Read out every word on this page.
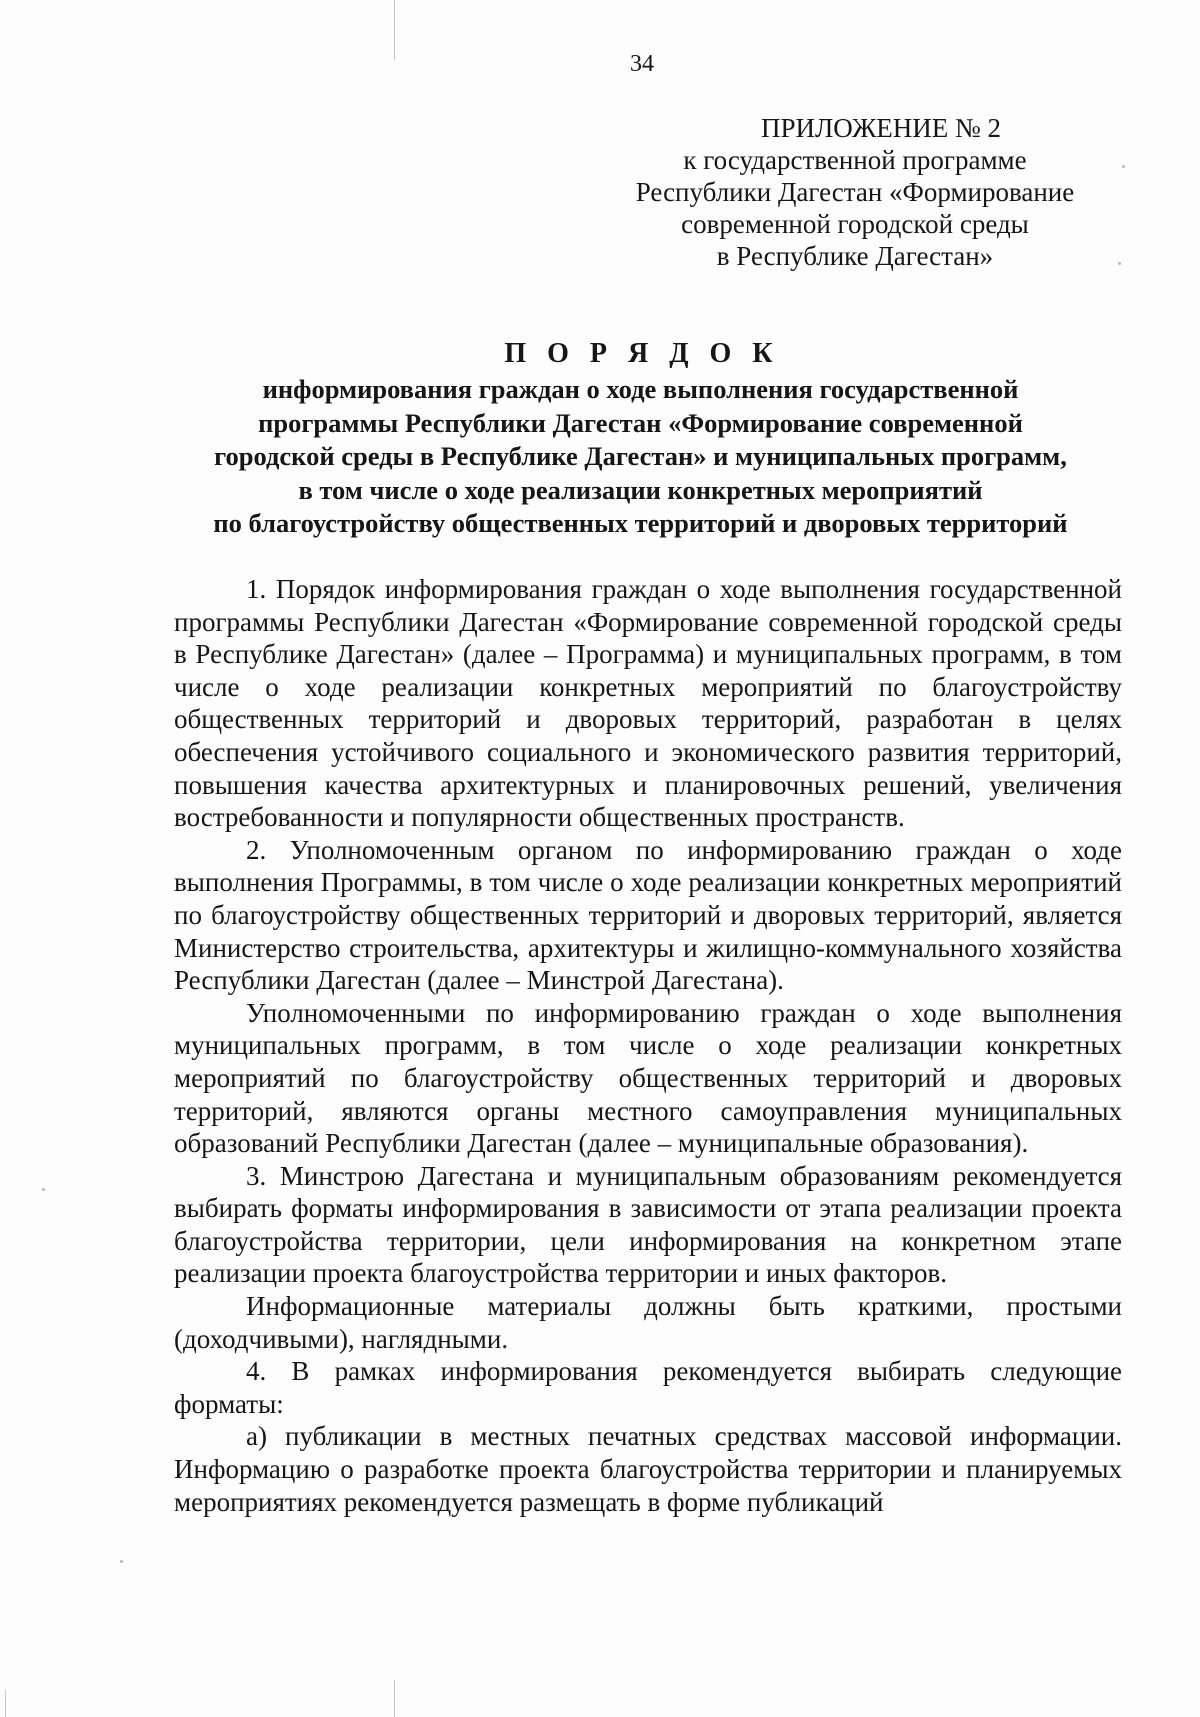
34
ПРИЛОЖЕНИЕ № 2
к государственной программе
Республики Дагестан «Формирование
современной городской среды
в Республике Дагестан»
П О Р Я Д О К
информирования граждан о ходе выполнения государственной
программы Республики Дагестан «Формирование современной
городской среды в Республике Дагестан» и муниципальных программ,
в том числе о ходе реализации конкретных мероприятий
по благоустройству общественных территорий и дворовых территорий

1. Порядок информирования граждан о ходе выполнения государственной программы Республики Дагестан «Формирование современной городской среды в Республике Дагестан» (далее – Программа) и муниципальных программ, в том числе о ходе реализации конкретных мероприятий по благоустройству общественных территорий и дворовых территорий, разработан в целях обеспечения устойчивого социального и экономического развития территорий, повышения качества архитектурных и планировочных решений, увеличения востребованности и популярности общественных пространств.

2. Уполномоченным органом по информированию граждан о ходе выполнения Программы, в том числе о ходе реализации конкретных мероприятий по благоустройству общественных территорий и дворовых территорий, является Министерство строительства, архитектуры и жилищно-коммунального хозяйства Республики Дагестан (далее – Минстрой Дагестана).

Уполномоченными по информированию граждан о ходе выполнения муниципальных программ, в том числе о ходе реализации конкретных мероприятий по благоустройству общественных территорий и дворовых территорий, являются органы местного самоуправления муниципальных образований Республики Дагестан (далее – муниципальные образования).

3. Минстрою Дагестана и муниципальным образованиям рекомендуется выбирать форматы информирования в зависимости от этапа реализации проекта благоустройства территории, цели информирования на конкретном этапе реализации проекта благоустройства территории и иных факторов.

Информационные материалы должны быть краткими, простыми (доходчивыми), наглядными.

4. В рамках информирования рекомендуется выбирать следующие форматы:

а) публикации в местных печатных средствах массовой информации. Информацию о разработке проекта благоустройства территории и планируемых мероприятиях рекомендуется размещать в форме публикаций
